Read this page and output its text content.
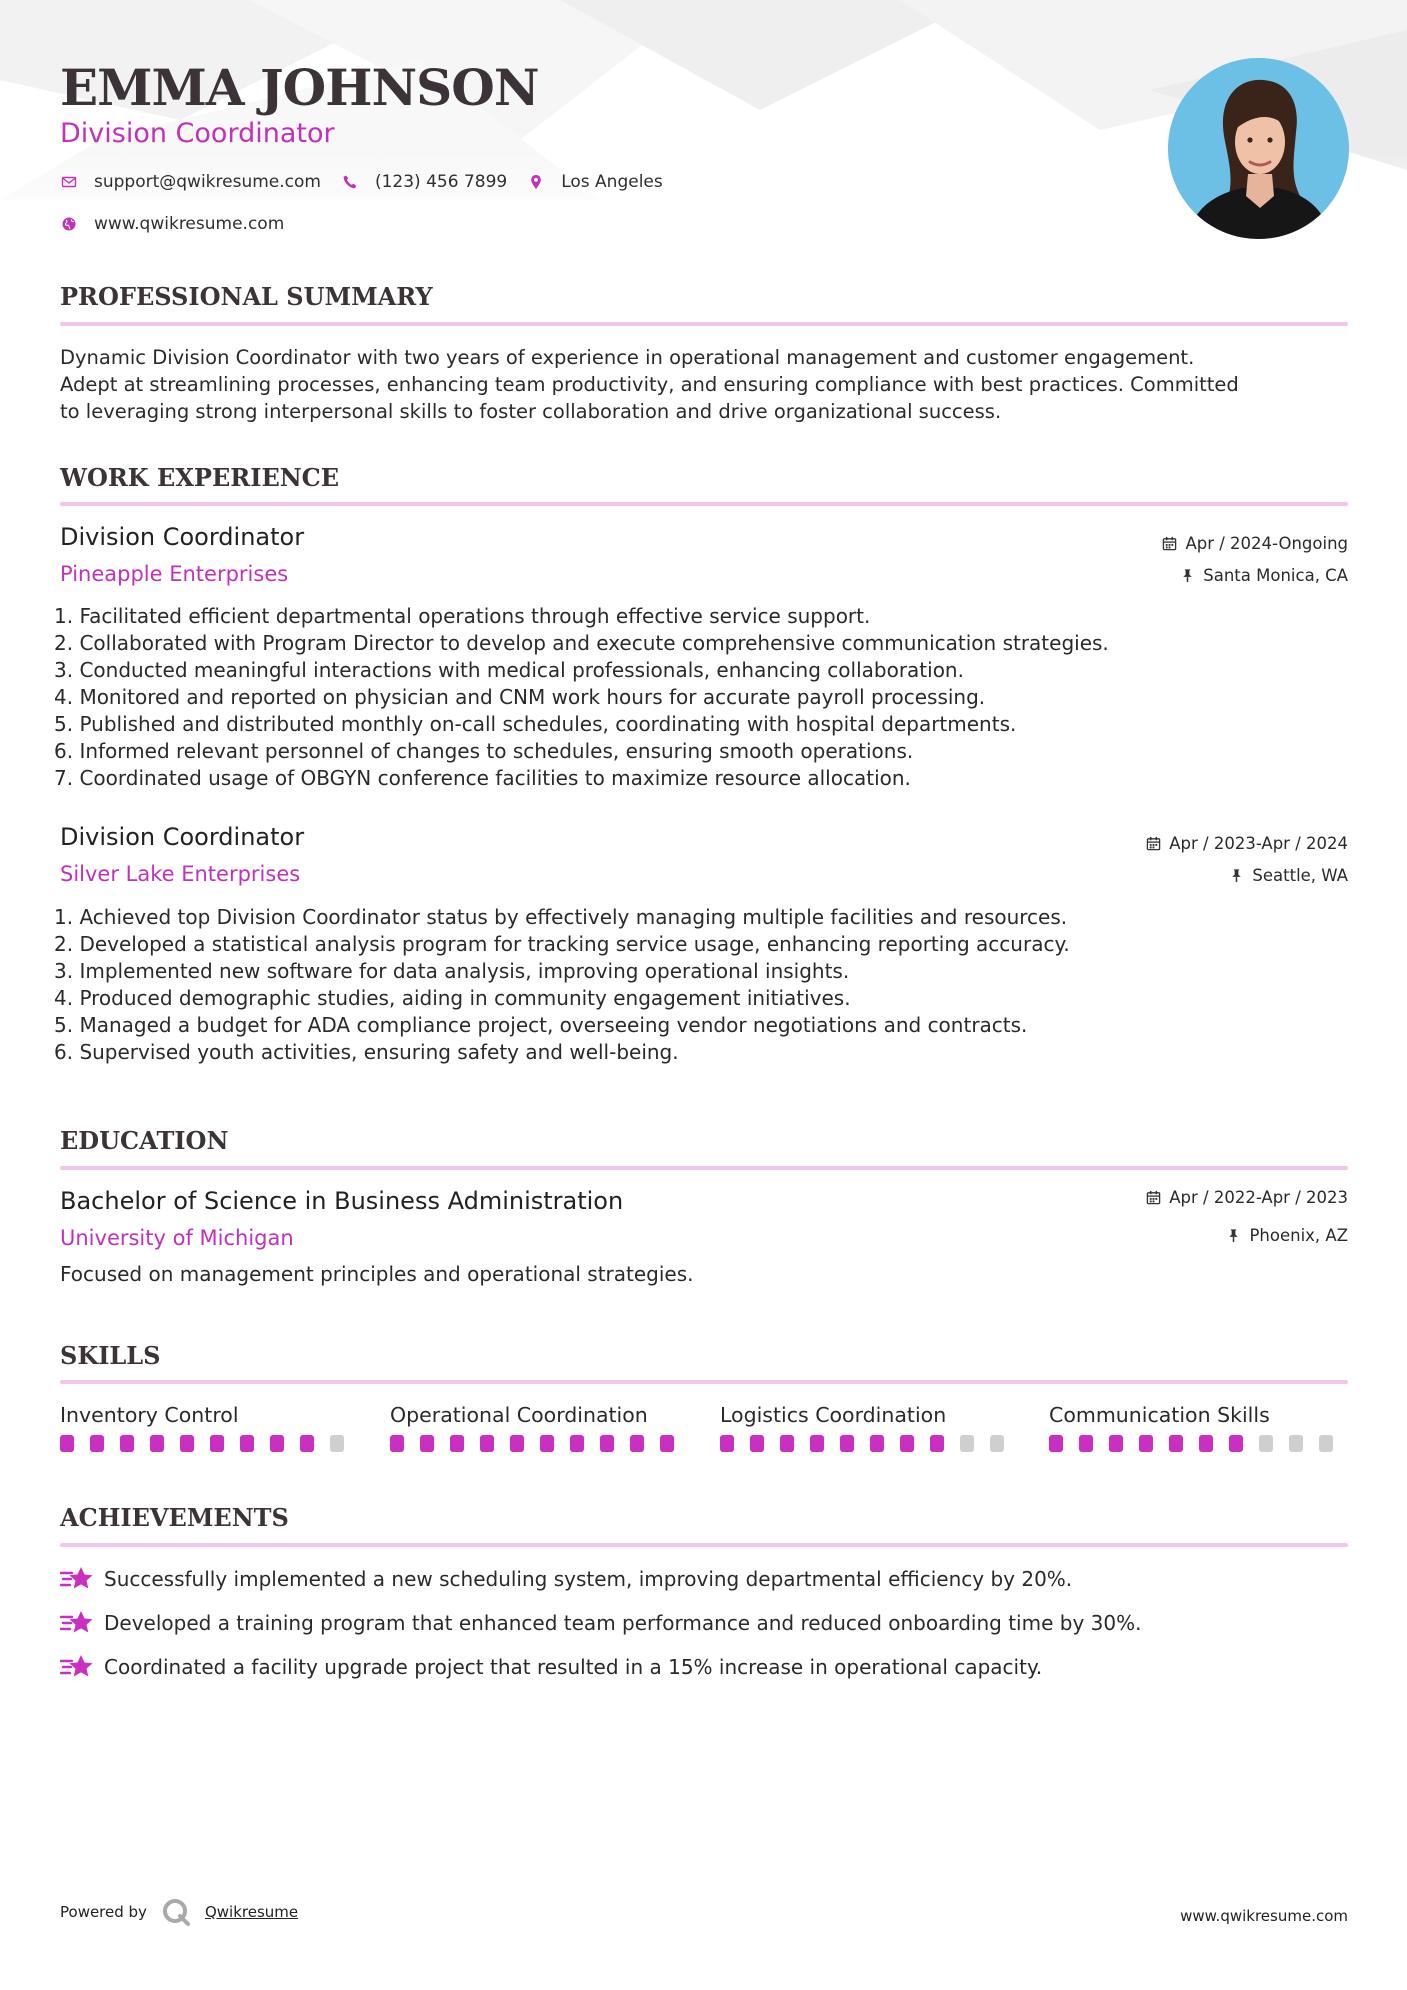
EMMA JOHNSON
Division Coordinator
support@qwikresume.com	(123) 456 7899	Los Angeles
www.qwikresume.com
PROFESSIONAL SUMMARY
Dynamic Division Coordinator with two years of experience in operational management and customer engagement.
Adept at streamlining processes, enhancing team productivity, and ensuring compliance with best practices. Committed
to leveraging strong interpersonal skills to foster collaboration and drive organizational success.
WORK EXPERIENCE
Division Coordinator
Pineapple Enterprises
Apr / 2024-Ongoing
Santa Monica, CA
1. Facilitated efficient departmental operations through effective service support.
2. Collaborated with Program Director to develop and execute comprehensive communication strategies.
3. Conducted meaningful interactions with medical professionals, enhancing collaboration.
4. Monitored and reported on physician and CNM work hours for accurate payroll processing.
5. Published and distributed monthly on-call schedules, coordinating with hospital departments.
6. Informed relevant personnel of changes to schedules, ensuring smooth operations.
7. Coordinated usage of OBGYN conference facilities to maximize resource allocation.
Division Coordinator
Silver Lake Enterprises
Apr / 2023-Apr / 2024
Seattle, WA
1. Achieved top Division Coordinator status by effectively managing multiple facilities and resources.
2. Developed a statistical analysis program for tracking service usage, enhancing reporting accuracy.
3. Implemented new software for data analysis, improving operational insights.
4. Produced demographic studies, aiding in community engagement initiatives.
5. Managed a budget for ADA compliance project, overseeing vendor negotiations and contracts.
6. Supervised youth activities, ensuring safety and well-being.
EDUCATION
Bachelor of Science in Business Administration
University of Michigan
Apr / 2022-Apr / 2023
Phoenix, AZ
Focused on management principles and operational strategies.
SKILLS
Inventory Control	Operational Coordination	Logistics Coordination	Communication Skills
ACHIEVEMENTS
Successfully implemented a new scheduling system, improving departmental efficiency by 20%.
Developed a training program that enhanced team performance and reduced onboarding time by 30%.
Coordinated a facility upgrade project that resulted in a 15% increase in operational capacity.
Powered by	Qwikresume	www.qwikresume.com
